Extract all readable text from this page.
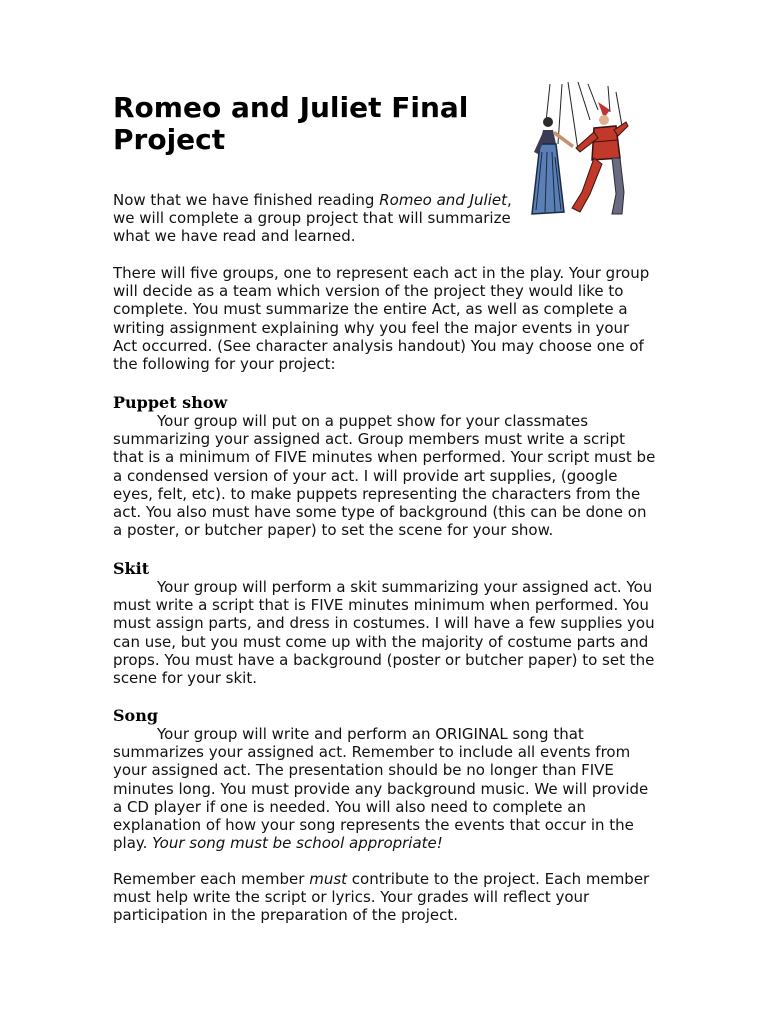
Romeo and Juliet Final Project

Now that we have finished reading Romeo and Juliet, we will complete a group project that will summarize what we have read and learned.

There will five groups, one to represent each act in the play. Your group will decide as a team which version of the project they would like to complete. You must summarize the entire Act, as well as complete a writing assignment explaining why you feel the major events in your Act occurred. (See character analysis handout) You may choose one of the following for your project:

Puppet show

Your group will put on a puppet show for your classmates summarizing your assigned act. Group members must write a script that is a minimum of FIVE minutes when performed. Your script must be a condensed version of your act. I will provide art supplies, (google eyes, felt, etc). to make puppets representing the characters from the act. You also must have some type of background (this can be done on a poster, or butcher paper) to set the scene for your show.

Skit

Your group will perform a skit summarizing your assigned act. You must write a script that is FIVE minutes minimum when performed. You must assign parts, and dress in costumes. I will have a few supplies you can use, but you must come up with the majority of costume parts and props. You must have a background (poster or butcher paper) to set the scene for your skit.

Song

Your group will write and perform an ORIGINAL song that summarizes your assigned act. Remember to include all events from your assigned act. The presentation should be no longer than FIVE minutes long. You must provide any background music. We will provide a CD player if one is needed. You will also need to complete an explanation of how your song represents the events that occur in the play. Your song must be school appropriate!

Remember each member must contribute to the project. Each member must help write the script or lyrics. Your grades will reflect your participation in the preparation of the project.
